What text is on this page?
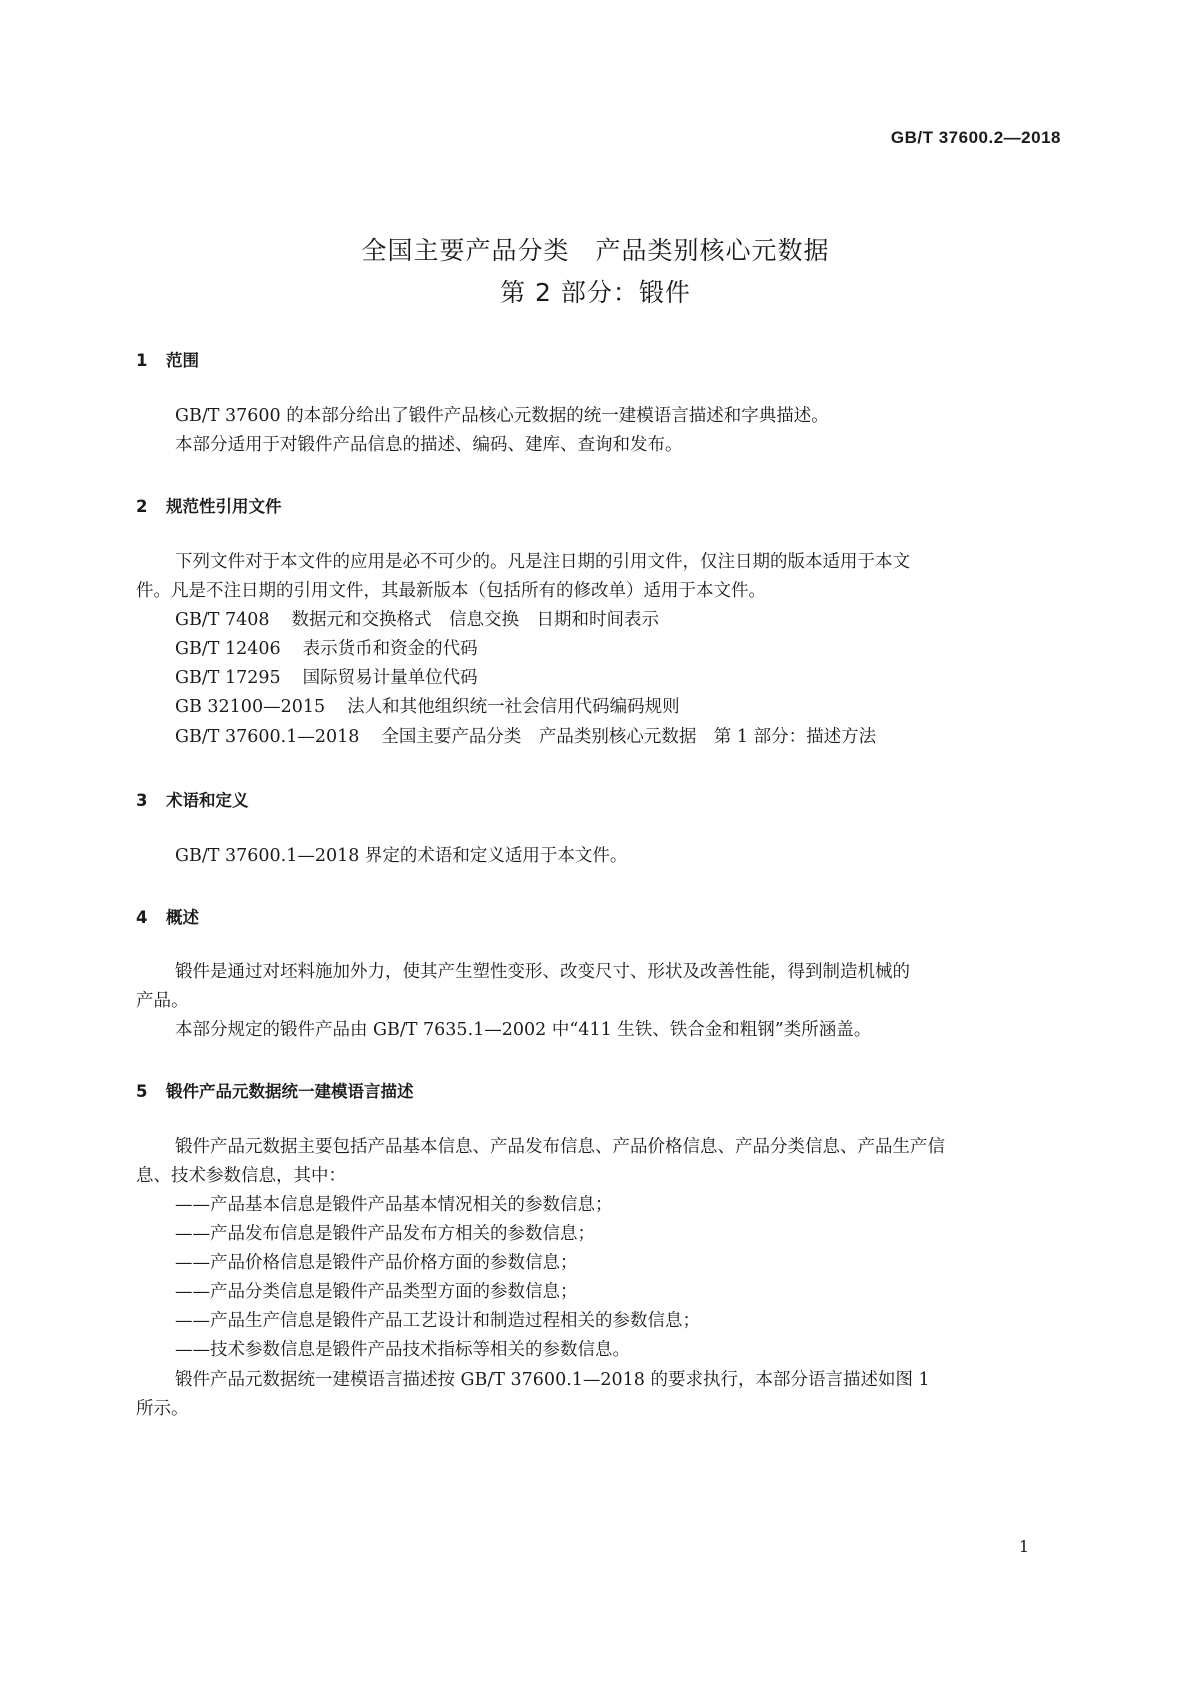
GB/T 37600.2—2018
全国主要产品分类　产品类别核心元数据
第 2 部分：锻件
1 范围
GB/T 37600 的本部分给出了锻件产品核心元数据的统一建模语言描述和字典描述。
本部分适用于对锻件产品信息的描述、编码、建库、查询和发布。
2 规范性引用文件
下列文件对于本文件的应用是必不可少的。凡是注日期的引用文件，仅注日期的版本适用于本文
件。凡是不注日期的引用文件，其最新版本（包括所有的修改单）适用于本文件。
GB/T 7408 数据元和交换格式　信息交换　日期和时间表示
GB/T 12406 表示货币和资金的代码
GB/T 17295 国际贸易计量单位代码
GB 32100—2015 法人和其他组织统一社会信用代码编码规则
GB/T 37600.1—2018 全国主要产品分类　产品类别核心元数据　第 1 部分：描述方法
3 术语和定义
GB/T 37600.1—2018 界定的术语和定义适用于本文件。
4 概述
锻件是通过对坯料施加外力，使其产生塑性变形、改变尺寸、形状及改善性能，得到制造机械的
产品。
本部分规定的锻件产品由 GB/T 7635.1—2002 中“411 生铁、铁合金和粗钢”类所涵盖。
5 锻件产品元数据统一建模语言描述
锻件产品元数据主要包括产品基本信息、产品发布信息、产品价格信息、产品分类信息、产品生产信
息、技术参数信息，其中：
——产品基本信息是锻件产品基本情况相关的参数信息；
——产品发布信息是锻件产品发布方相关的参数信息；
——产品价格信息是锻件产品价格方面的参数信息；
——产品分类信息是锻件产品类型方面的参数信息；
——产品生产信息是锻件产品工艺设计和制造过程相关的参数信息；
——技术参数信息是锻件产品技术指标等相关的参数信息。
锻件产品元数据统一建模语言描述按 GB/T 37600.1—2018 的要求执行，本部分语言描述如图 1
所示。
1
